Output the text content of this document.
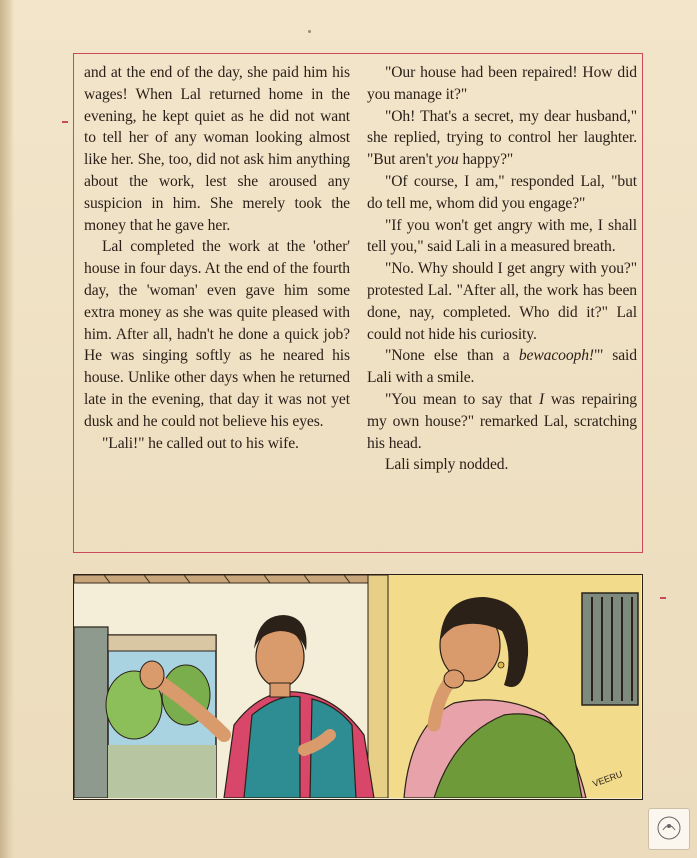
and at the end of the day, she paid him his wages! When Lal returned home in the evening, he kept quiet as he did not want to tell her of any woman looking almost like her. She, too, did not ask him anything about the work, lest she aroused any suspicion in him. She merely took the money that he gave her.

Lal completed the work at the 'other' house in four days. At the end of the fourth day, the 'woman' even gave him some extra money as she was quite pleased with him. After all, hadn't he done a quick job? He was singing softly as he neared his house. Unlike other days when he returned late in the evening, that day it was not yet dusk and he could not believe his eyes.

"Lali!" he called out to his wife.

"Our house had been repaired! How did you manage it?"

"Oh! That's a secret, my dear husband," she replied, trying to control her laughter. "But aren't you happy?"

"Of course, I am," responded Lal, "but do tell me, whom did you engage?"

"If you won't get angry with me, I shall tell you," said Lali in a measured breath.

"No. Why should I get angry with you?" protested Lal. "After all, the work has been done, nay, completed. Who did it?" Lal could not hide his curiosity.

"None else than a bewacooph!"' said Lali with a smile.

"You mean to say that I was repairing my own house?" remarked Lal, scratching his head.

Lali simply nodded.

VEERU
